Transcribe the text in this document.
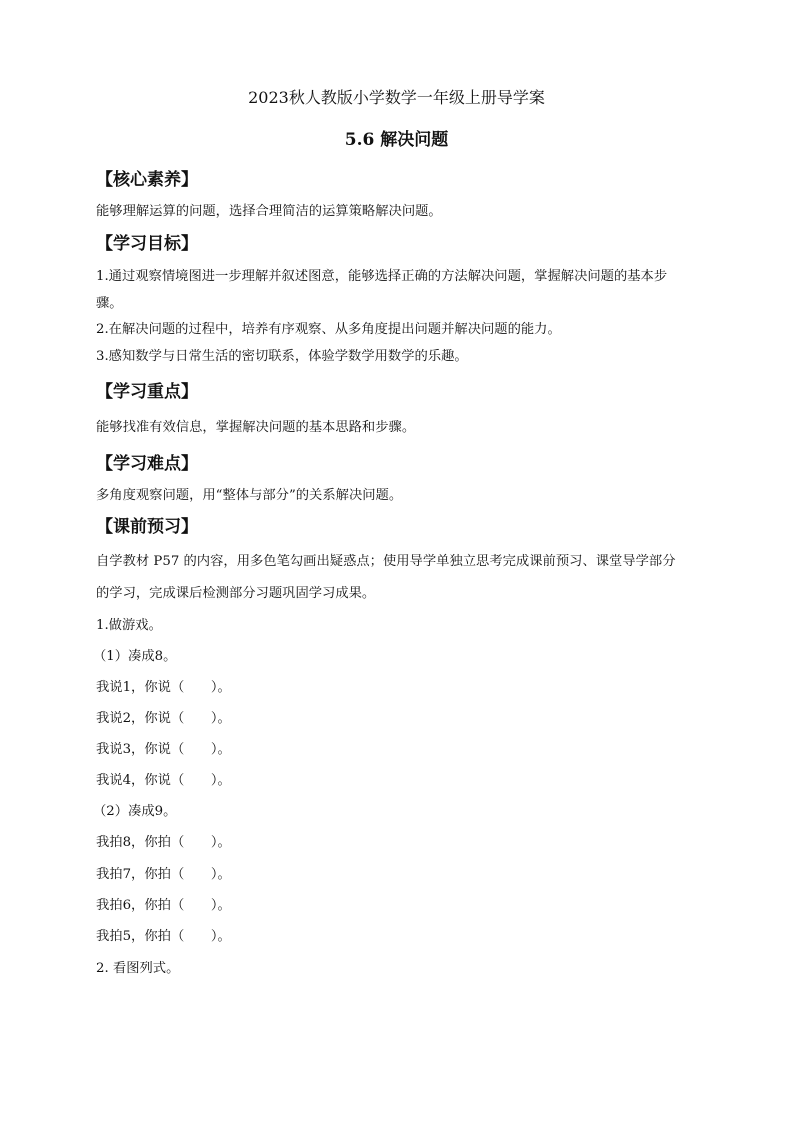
2023秋人教版小学数学一年级上册导学案
5.6 解决问题
【核心素养】
能够理解运算的问题，选择合理简洁的运算策略解决问题。
【学习目标】
1.通过观察情境图进一步理解并叙述图意，能够选择正确的方法解决问题，掌握解决问题的基本步
骤。
2.在解决问题的过程中，培养有序观察、从多角度提出问题并解决问题的能力。
3.感知数学与日常生活的密切联系，体验学数学用数学的乐趣。
【学习重点】
能够找准有效信息，掌握解决问题的基本思路和步骤。
【学习难点】
多角度观察问题，用“整体与部分”的关系解决问题。
【课前预习】
自学教材 P57 的内容，用多色笔勾画出疑惑点；使用导学单独立思考完成课前预习、课堂导学部分
的学习，完成课后检测部分习题巩固学习成果。
1.做游戏。
（1）凑成8。
我说1，你说（　　）。
我说2，你说（　　）。
我说3，你说（　　）。
我说4，你说（　　）。
（2）凑成9。
我拍8，你拍（　　）。
我拍7，你拍（　　）。
我拍6，你拍（　　）。
我拍5，你拍（　　）。
2. 看图列式。
